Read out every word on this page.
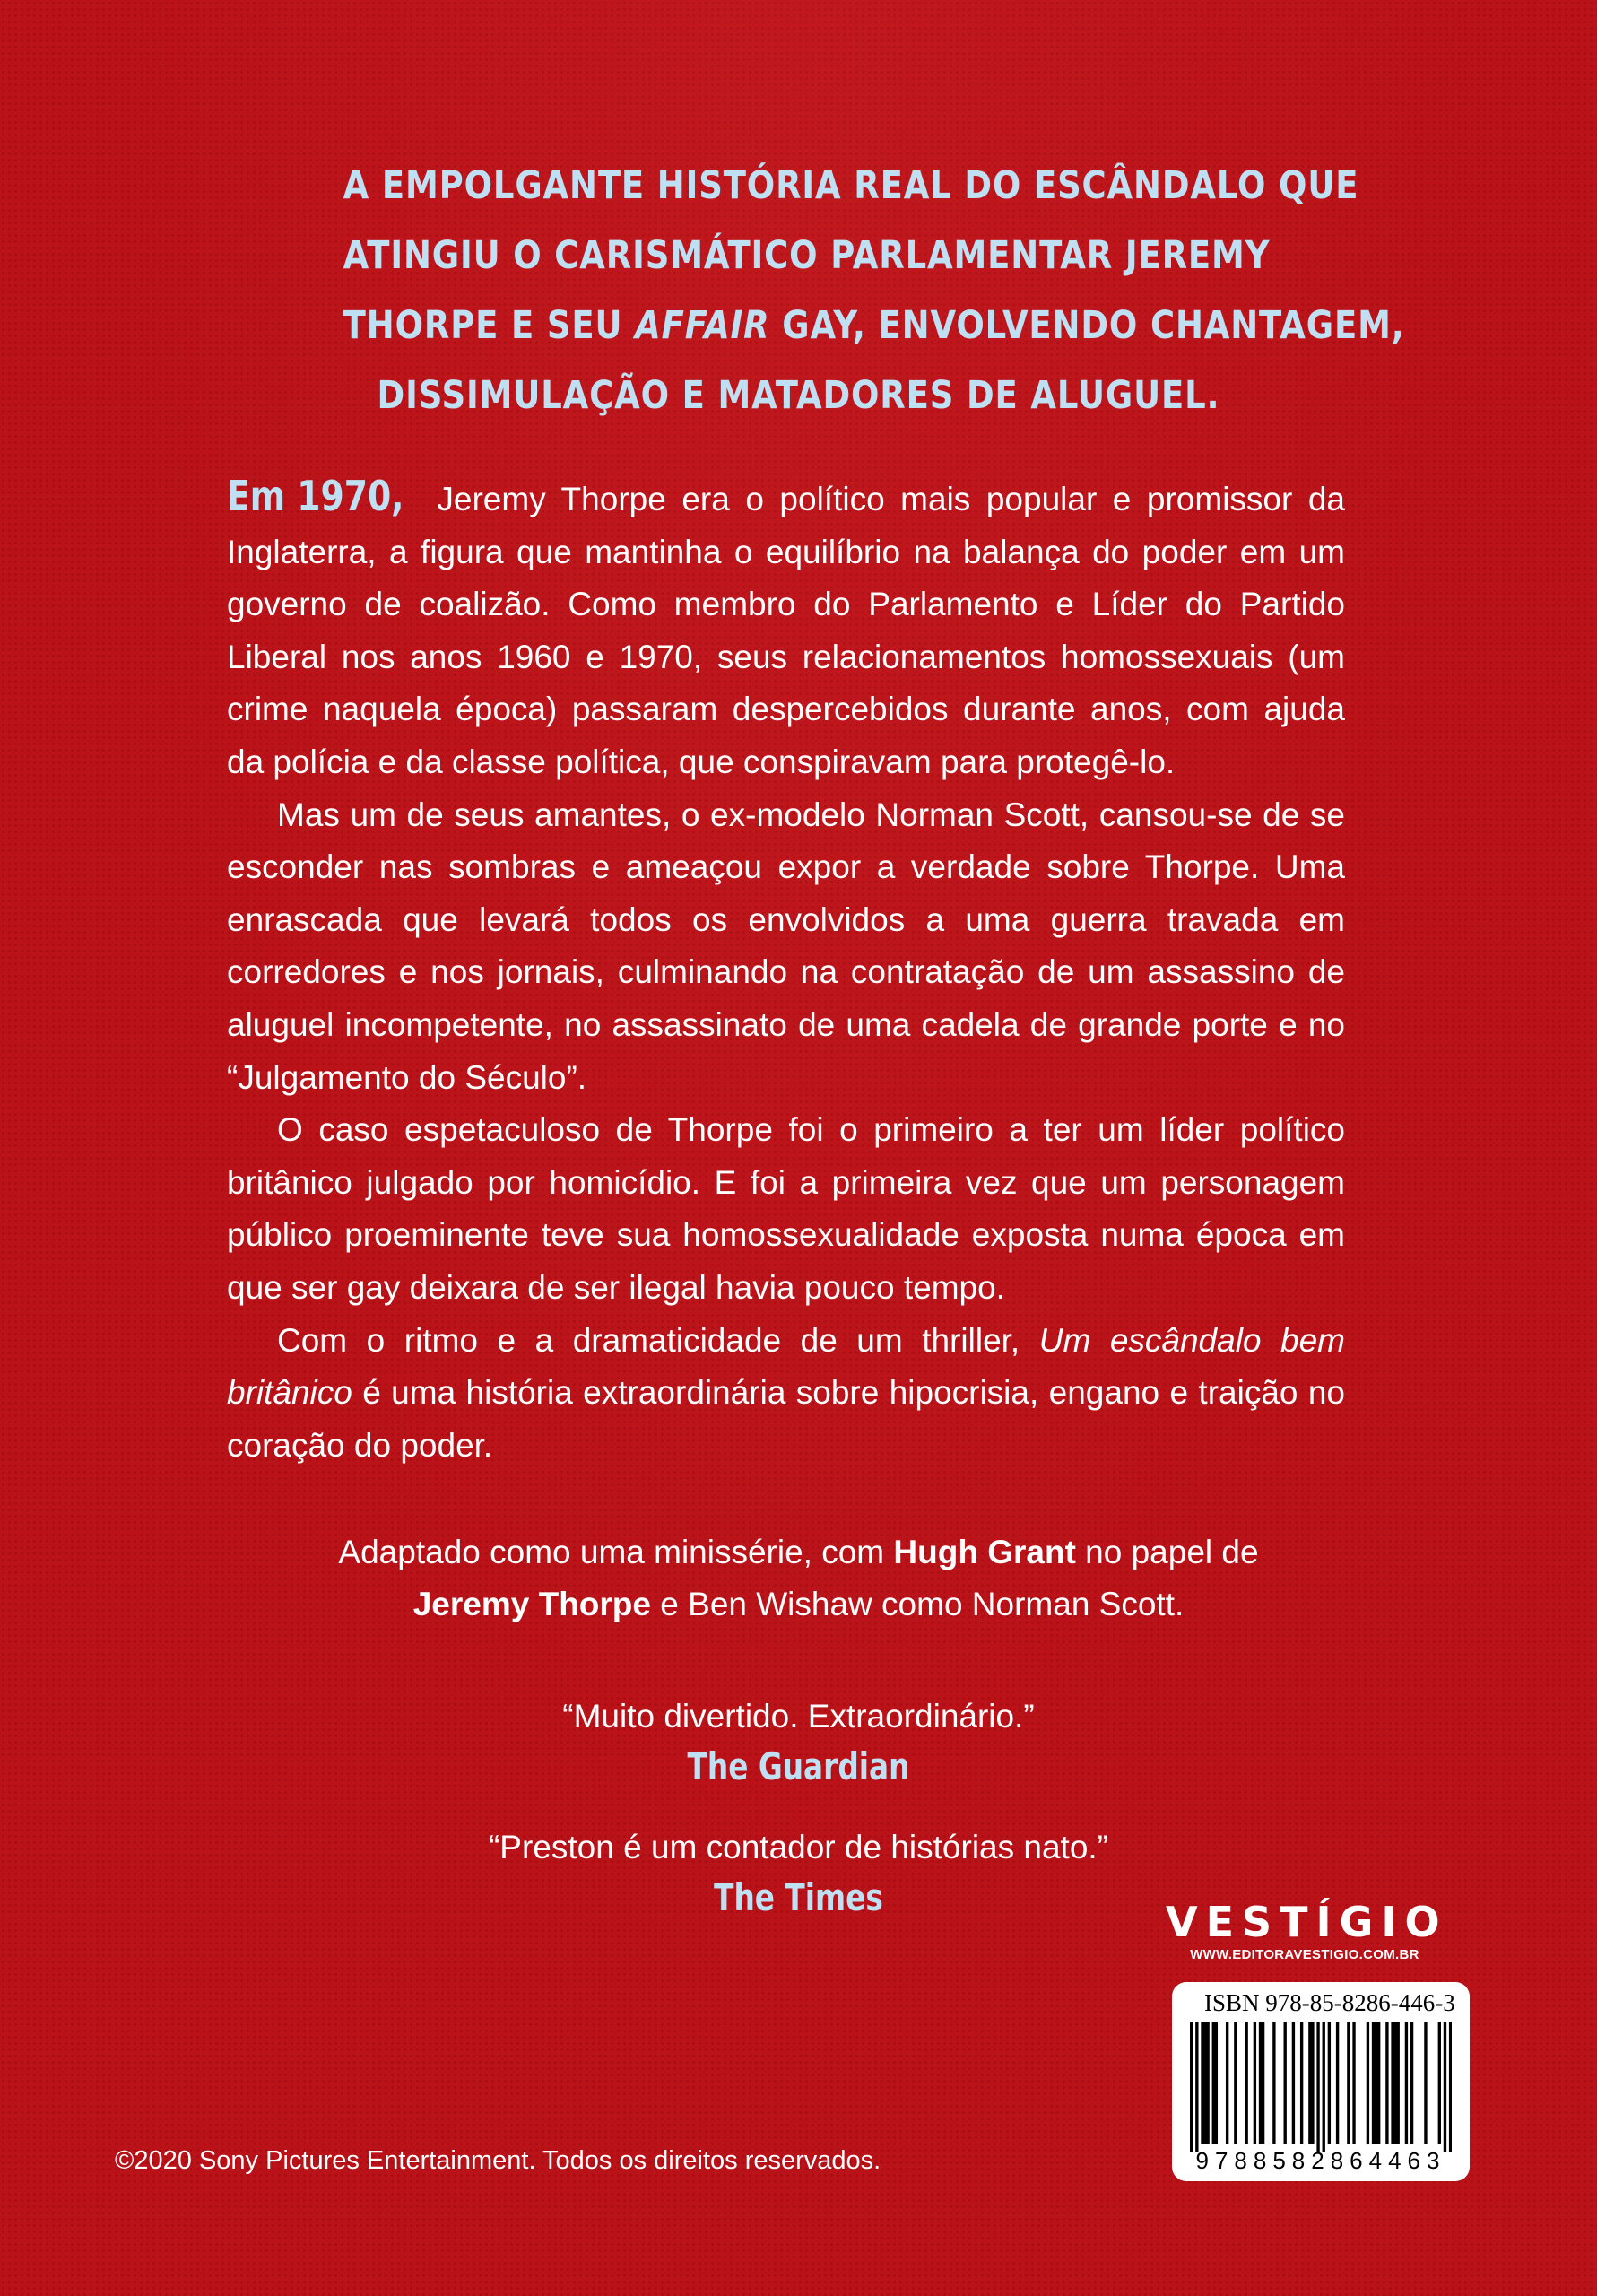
A EMPOLGANTE HISTÓRIA REAL DO ESCÂNDALO QUE
ATINGIU O CARISMÁTICO PARLAMENTAR JEREMY
THORPE E SEU AFFAIR GAY, ENVOLVENDO CHANTAGEM,
DISSIMULAÇÃO E MATADORES DE ALUGUEL.

Em 1970, Jeremy Thorpe era o político mais popular e promissor da Inglaterra, a figura que mantinha o equilíbrio na balança do poder em um governo de coalizão. Como membro do Parlamento e Líder do Partido Liberal nos anos 1960 e 1970, seus relacionamentos homossexuais (um crime naquela época) passaram despercebidos durante anos, com ajuda da polícia e da classe política, que conspiravam para protegê-lo.

Mas um de seus amantes, o ex-modelo Norman Scott, cansou-se de se esconder nas sombras e ameaçou expor a verdade sobre Thorpe. Uma enrascada que levará todos os envolvidos a uma guerra travada em corredores e nos jornais, culminando na contratação de um assassino de aluguel incompetente, no assassinato de uma cadela de grande porte e no “Julgamento do Século”.

O caso espetaculoso de Thorpe foi o primeiro a ter um líder político britânico julgado por homicídio. E foi a primeira vez que um personagem público proeminente teve sua homossexualidade exposta numa época em que ser gay deixara de ser ilegal havia pouco tempo.

Com o ritmo e a dramaticidade de um thriller, Um escândalo bem britânico é uma história extraordinária sobre hipocrisia, engano e traição no coração do poder.

Adaptado como uma minissérie, com Hugh Grant no papel de
Jeremy Thorpe e Ben Wishaw como Norman Scott.
“Muito divertido. Extraordinário.”
The Guardian
“Preston é um contador de histórias nato.”
The Times
VESTÍGIO
WWW.EDITORAVESTIGIO.COM.BR
ISBN 978-85-8286-446-3
9788582864463
©2020 Sony Pictures Entertainment. Todos os direitos reservados.
